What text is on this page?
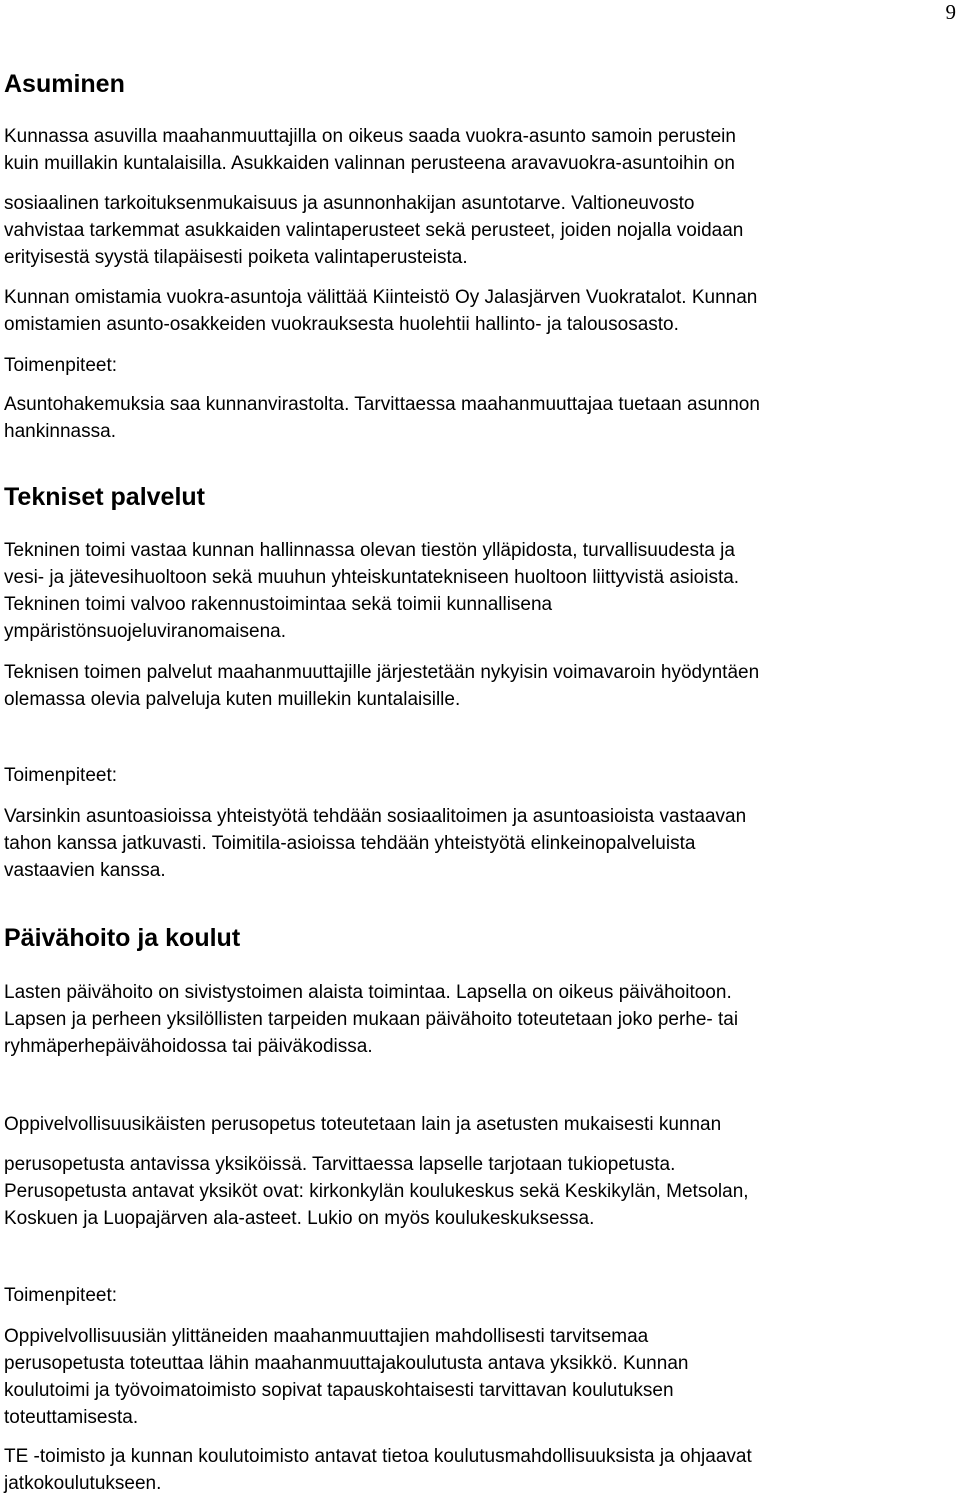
9
Asuminen

Kunnassa asuvilla maahanmuuttajilla on oikeus saada vuokra-asunto samoin perustein
kuin muillakin kuntalaisilla. Asukkaiden valinnan perusteena aravavuokra-asuntoihin on

sosiaalinen tarkoituksenmukaisuus ja asunnonhakijan asuntotarve. Valtioneuvosto
vahvistaa tarkemmat asukkaiden valintaperusteet sekä perusteet, joiden nojalla voidaan
erityisestä syystä tilapäisesti poiketa valintaperusteista.

Kunnan omistamia vuokra-asuntoja välittää Kiinteistö Oy Jalasjärven Vuokratalot. Kunnan
omistamien asunto-osakkeiden vuokrauksesta huolehtii hallinto- ja talousosasto.

Toimenpiteet:

Asuntohakemuksia saa kunnanvirastolta. Tarvittaessa maahanmuuttajaa tuetaan asunnon
hankinnassa.

Tekniset palvelut

Tekninen toimi vastaa kunnan hallinnassa olevan tiestön ylläpidosta, turvallisuudesta ja
vesi- ja jätevesihuoltoon sekä muuhun yhteiskuntatekniseen huoltoon liittyvistä asioista.
Tekninen toimi valvoo rakennustoimintaa sekä toimii kunnallisena
ympäristönsuojeluviranomaisena.

Teknisen toimen palvelut maahanmuuttajille järjestetään nykyisin voimavaroin hyödyntäen
olemassa olevia palveluja kuten muillekin kuntalaisille.

Toimenpiteet:

Varsinkin asuntoasioissa yhteistyötä tehdään sosiaalitoimen ja asuntoasioista vastaavan
tahon kanssa jatkuvasti. Toimitila-asioissa tehdään yhteistyötä elinkeinopalveluista
vastaavien kanssa.

Päivähoito ja koulut

Lasten päivähoito on sivistystoimen alaista toimintaa. Lapsella on oikeus päivähoitoon.
Lapsen ja perheen yksilöllisten tarpeiden mukaan päivähoito toteutetaan joko perhe- tai
ryhmäperhepäivähoidossa tai päiväkodissa.

Oppivelvollisuusikäisten perusopetus toteutetaan lain ja asetusten mukaisesti kunnan

perusopetusta antavissa yksiköissä. Tarvittaessa lapselle tarjotaan tukiopetusta.
Perusopetusta antavat yksiköt ovat: kirkonkylän koulukeskus sekä Keskikylän, Metsolan,
Koskuen ja Luopajärven ala-asteet. Lukio on myös koulukeskuksessa.

Toimenpiteet:

Oppivelvollisuusiän ylittäneiden maahanmuuttajien mahdollisesti tarvitsemaa
perusopetusta toteuttaa lähin maahanmuuttajakoulutusta antava yksikkö. Kunnan
koulutoimi ja työvoimatoimisto sopivat tapauskohtaisesti tarvittavan koulutuksen
toteuttamisesta.

TE -toimisto ja kunnan koulutoimisto antavat tietoa koulutusmahdollisuuksista ja ohjaavat
jatkokoulutukseen.
